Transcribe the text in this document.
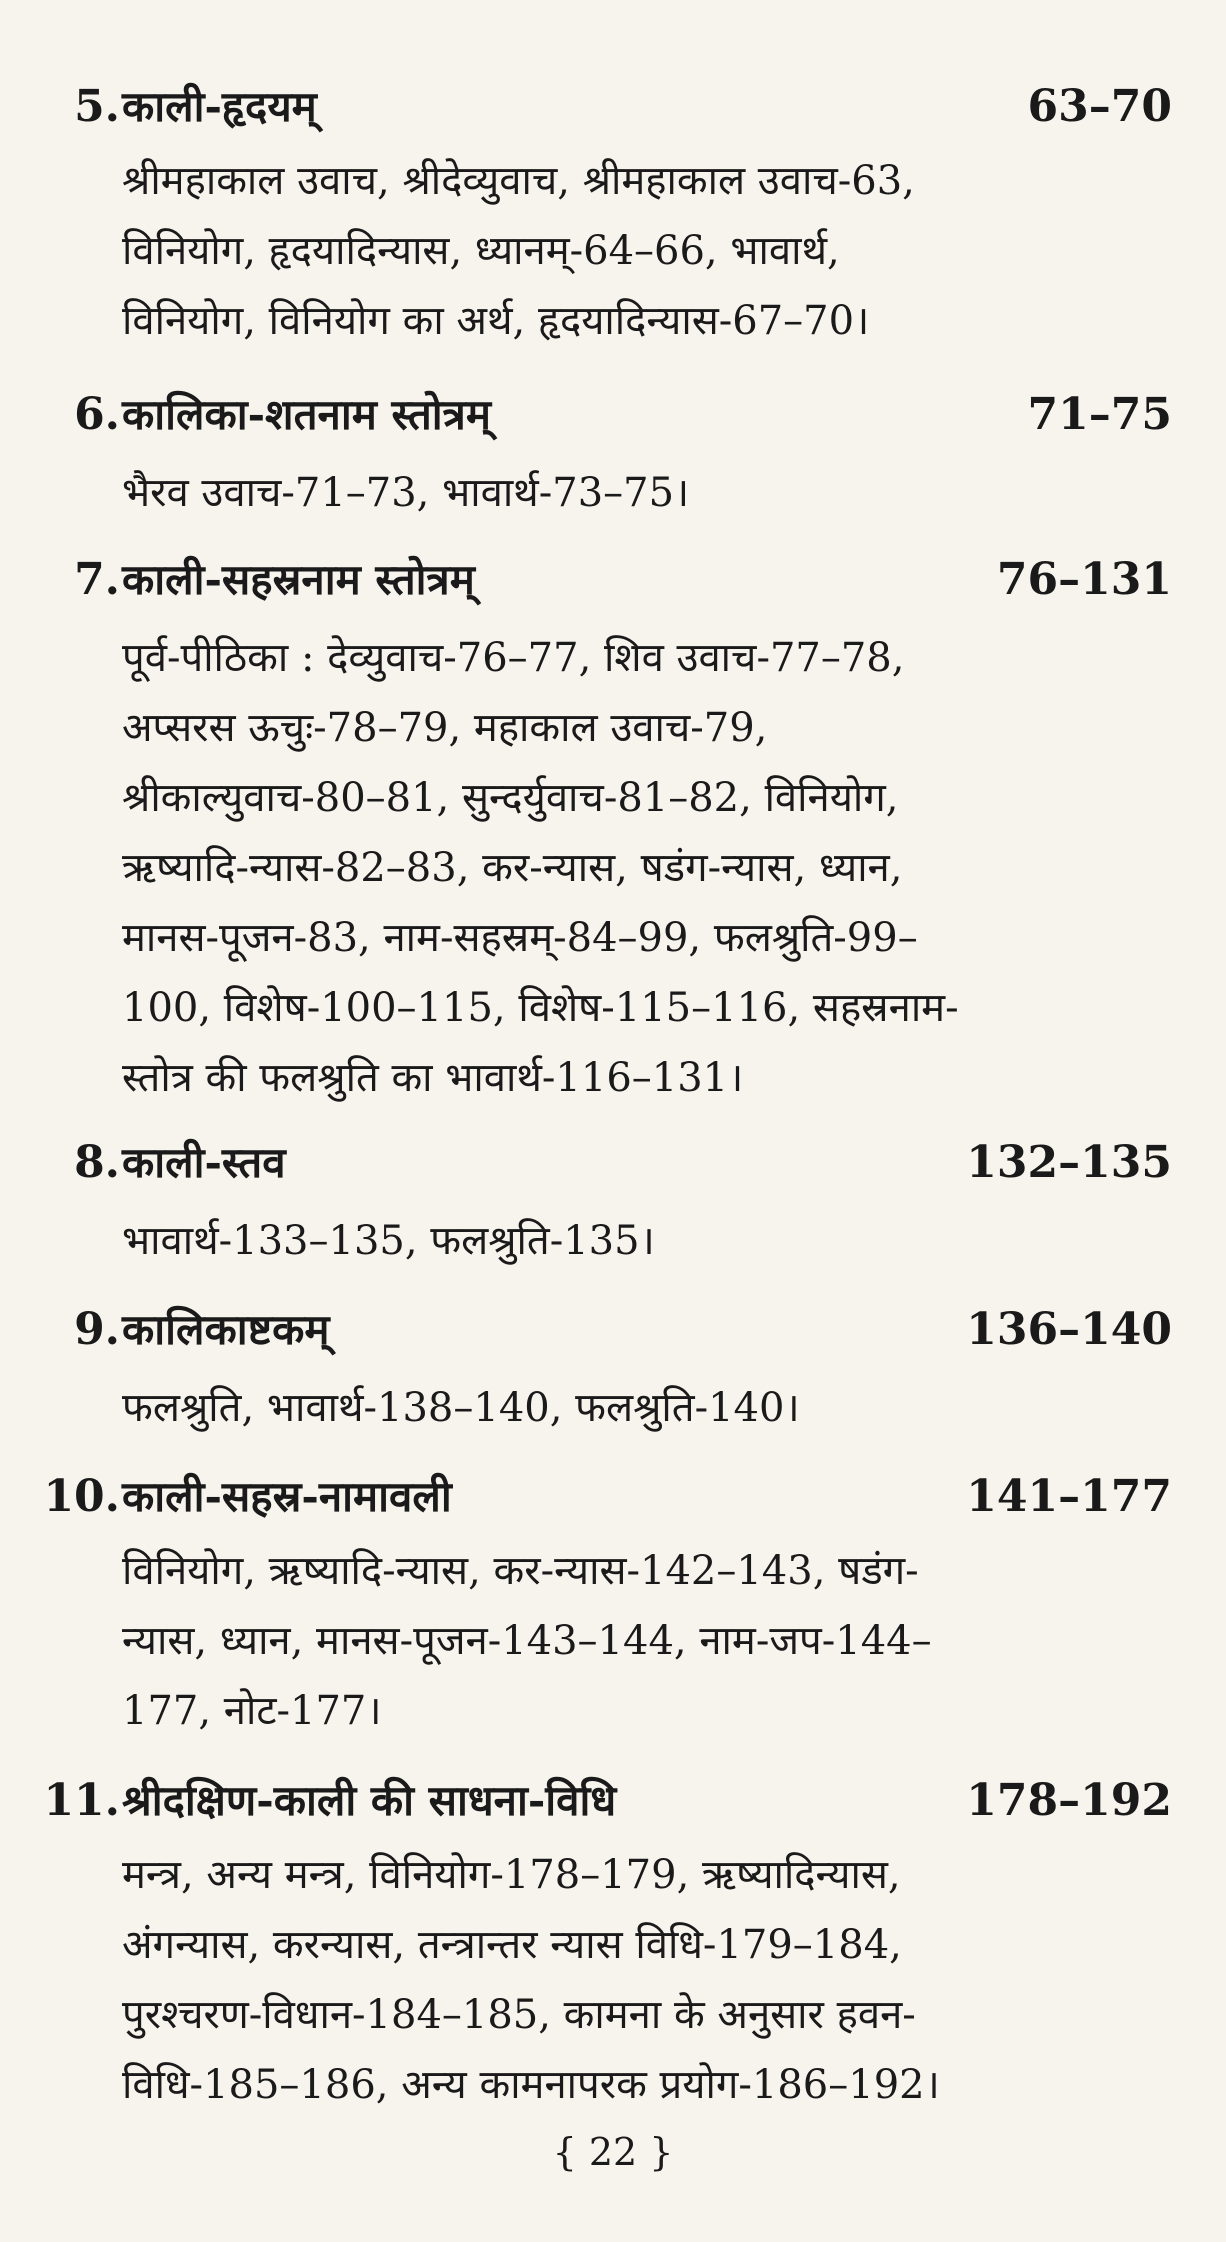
5. काली-हृदयम्	63–70
श्रीमहाकाल उवाच, श्रीदेव्युवाच, श्रीमहाकाल उवाच-63,
विनियोग, हृदयादिन्यास, ध्यानम्-64–66, भावार्थ,
विनियोग, विनियोग का अर्थ, हृदयादिन्यास-67–70।
6. कालिका-शतनाम स्तोत्रम्	71–75
भैरव उवाच-71–73, भावार्थ-73–75।
7. काली-सहस्रनाम स्तोत्रम्	76–131
पूर्व-पीठिका : देव्युवाच-76–77, शिव उवाच-77–78,
अप्सरस ऊचुः-78–79, महाकाल उवाच-79,
श्रीकाल्युवाच-80–81, सुन्दर्युवाच-81–82, विनियोग,
ऋष्यादि-न्यास-82–83, कर-न्यास, षडंग-न्यास, ध्यान,
मानस-पूजन-83, नाम-सहस्रम्-84–99, फलश्रुति-99–
100, विशेष-100–115, विशेष-115–116, सहस्रनाम-
स्तोत्र की फलश्रुति का भावार्थ-116–131।
8. काली-स्तव	132–135
भावार्थ-133–135, फलश्रुति-135।
9. कालिकाष्टकम्	136–140
फलश्रुति, भावार्थ-138–140, फलश्रुति-140।
10. काली-सहस्र-नामावली	141–177
विनियोग, ऋष्यादि-न्यास, कर-न्यास-142–143, षडंग-
न्यास, ध्यान, मानस-पूजन-143–144, नाम-जप-144–
177, नोट-177।
11. श्रीदक्षिण-काली की साधना-विधि	178–192
मन्त्र, अन्य मन्त्र, विनियोग-178–179, ऋष्यादिन्यास,
अंगन्यास, करन्यास, तन्त्रान्तर न्यास विधि-179–184,
पुरश्चरण-विधान-184–185, कामना के अनुसार हवन-
विधि-185–186, अन्य कामनापरक प्रयोग-186–192।
{ 22 }
